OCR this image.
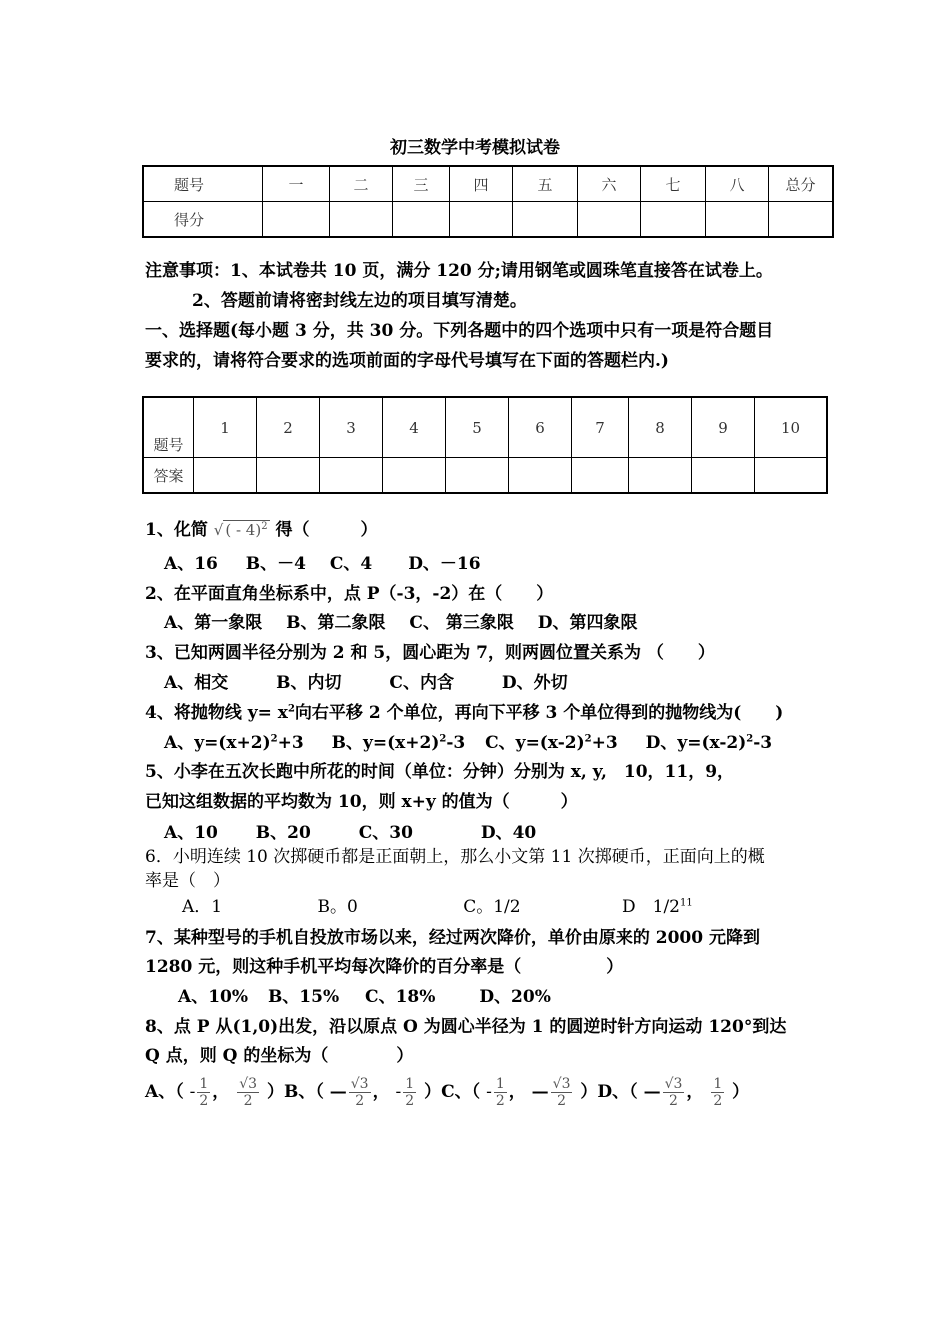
初三数学中考模拟试卷
题号	一	二	三	四	五	六	七	八	总分
得分									
注意事项：1、本试卷共 10 页，满分 120 分;请用钢笔或圆珠笔直接答在试卷上。
2、答题前请将密封线左边的项目填写清楚。
一、选择题(每小题 3 分，共 30 分。下列各题中的四个选项中只有一项是符合题目
要求的，请将符合要求的选项前面的字母代号填写在下面的答题栏内.)
题号	1	2	3	4	5	6	7	8	9	10
答案										
1、化简 √ ( - 4)$^2$ 得（　　　）
A、16 B、－4 C、4 D、－16
2、在平面直角坐标系中，点 P（-3，-2）在（　　）
A、第一象限 B、第二象限 C、 第三象限 D、第四象限
3、已知两圆半径分别为 2 和 5，圆心距为 7，则两圆位置关系为 （　　）
A、相交	B、内切	C、内含	D、外切
4、将抛物线 $y= x^2$向右平移 2 个单位，再向下平移 3 个单位得到的抛物线为(　　)
A、$y=(x+2)^2+3$ B、$y=(x+2)^2-3$ C、$y=(x-2)^2+3$ D、$y=(x-2)^2-3$
5、小李在五次长跑中所花的时间（单位：分钟）分别为 x, y,　10，11，9，
已知这组数据的平均数为 10，则 x+y 的值为（　　　）
A、10 B、20	C、30	D、40
6．小明连续 10 次掷硬币都是正面朝上，那么小文第 11 次掷硬币，正面向上的概
率是（　）
A．1	B。0	C。1/2	D　$1/2^{11}$
7、某种型号的手机自投放市场以来，经过两次降价，单价由原来的 2000 元降到
1280 元，则这种手机平均每次降价的百分率是（　　　　　）
A、10% B、15% C、18%	D、20%
8、点 P 从(1,0)出发，沿以原点 O 为圆心半径为 1 的圆逆时针方向运动 120°到达
Q 点，则 Q 的坐标为（　　　　）
A、（ - $\frac{1}{2}$ ， $\frac{√3}{2} )B$、（ — $\frac{√3}{2}$ ， - $\frac{1}{2} )C$、（ - $\frac{1}{2}$ ， — $\frac{√3}{2} )D$、（ — $\frac{√3}{2}$ ， $\frac{1}{2}$ ）
